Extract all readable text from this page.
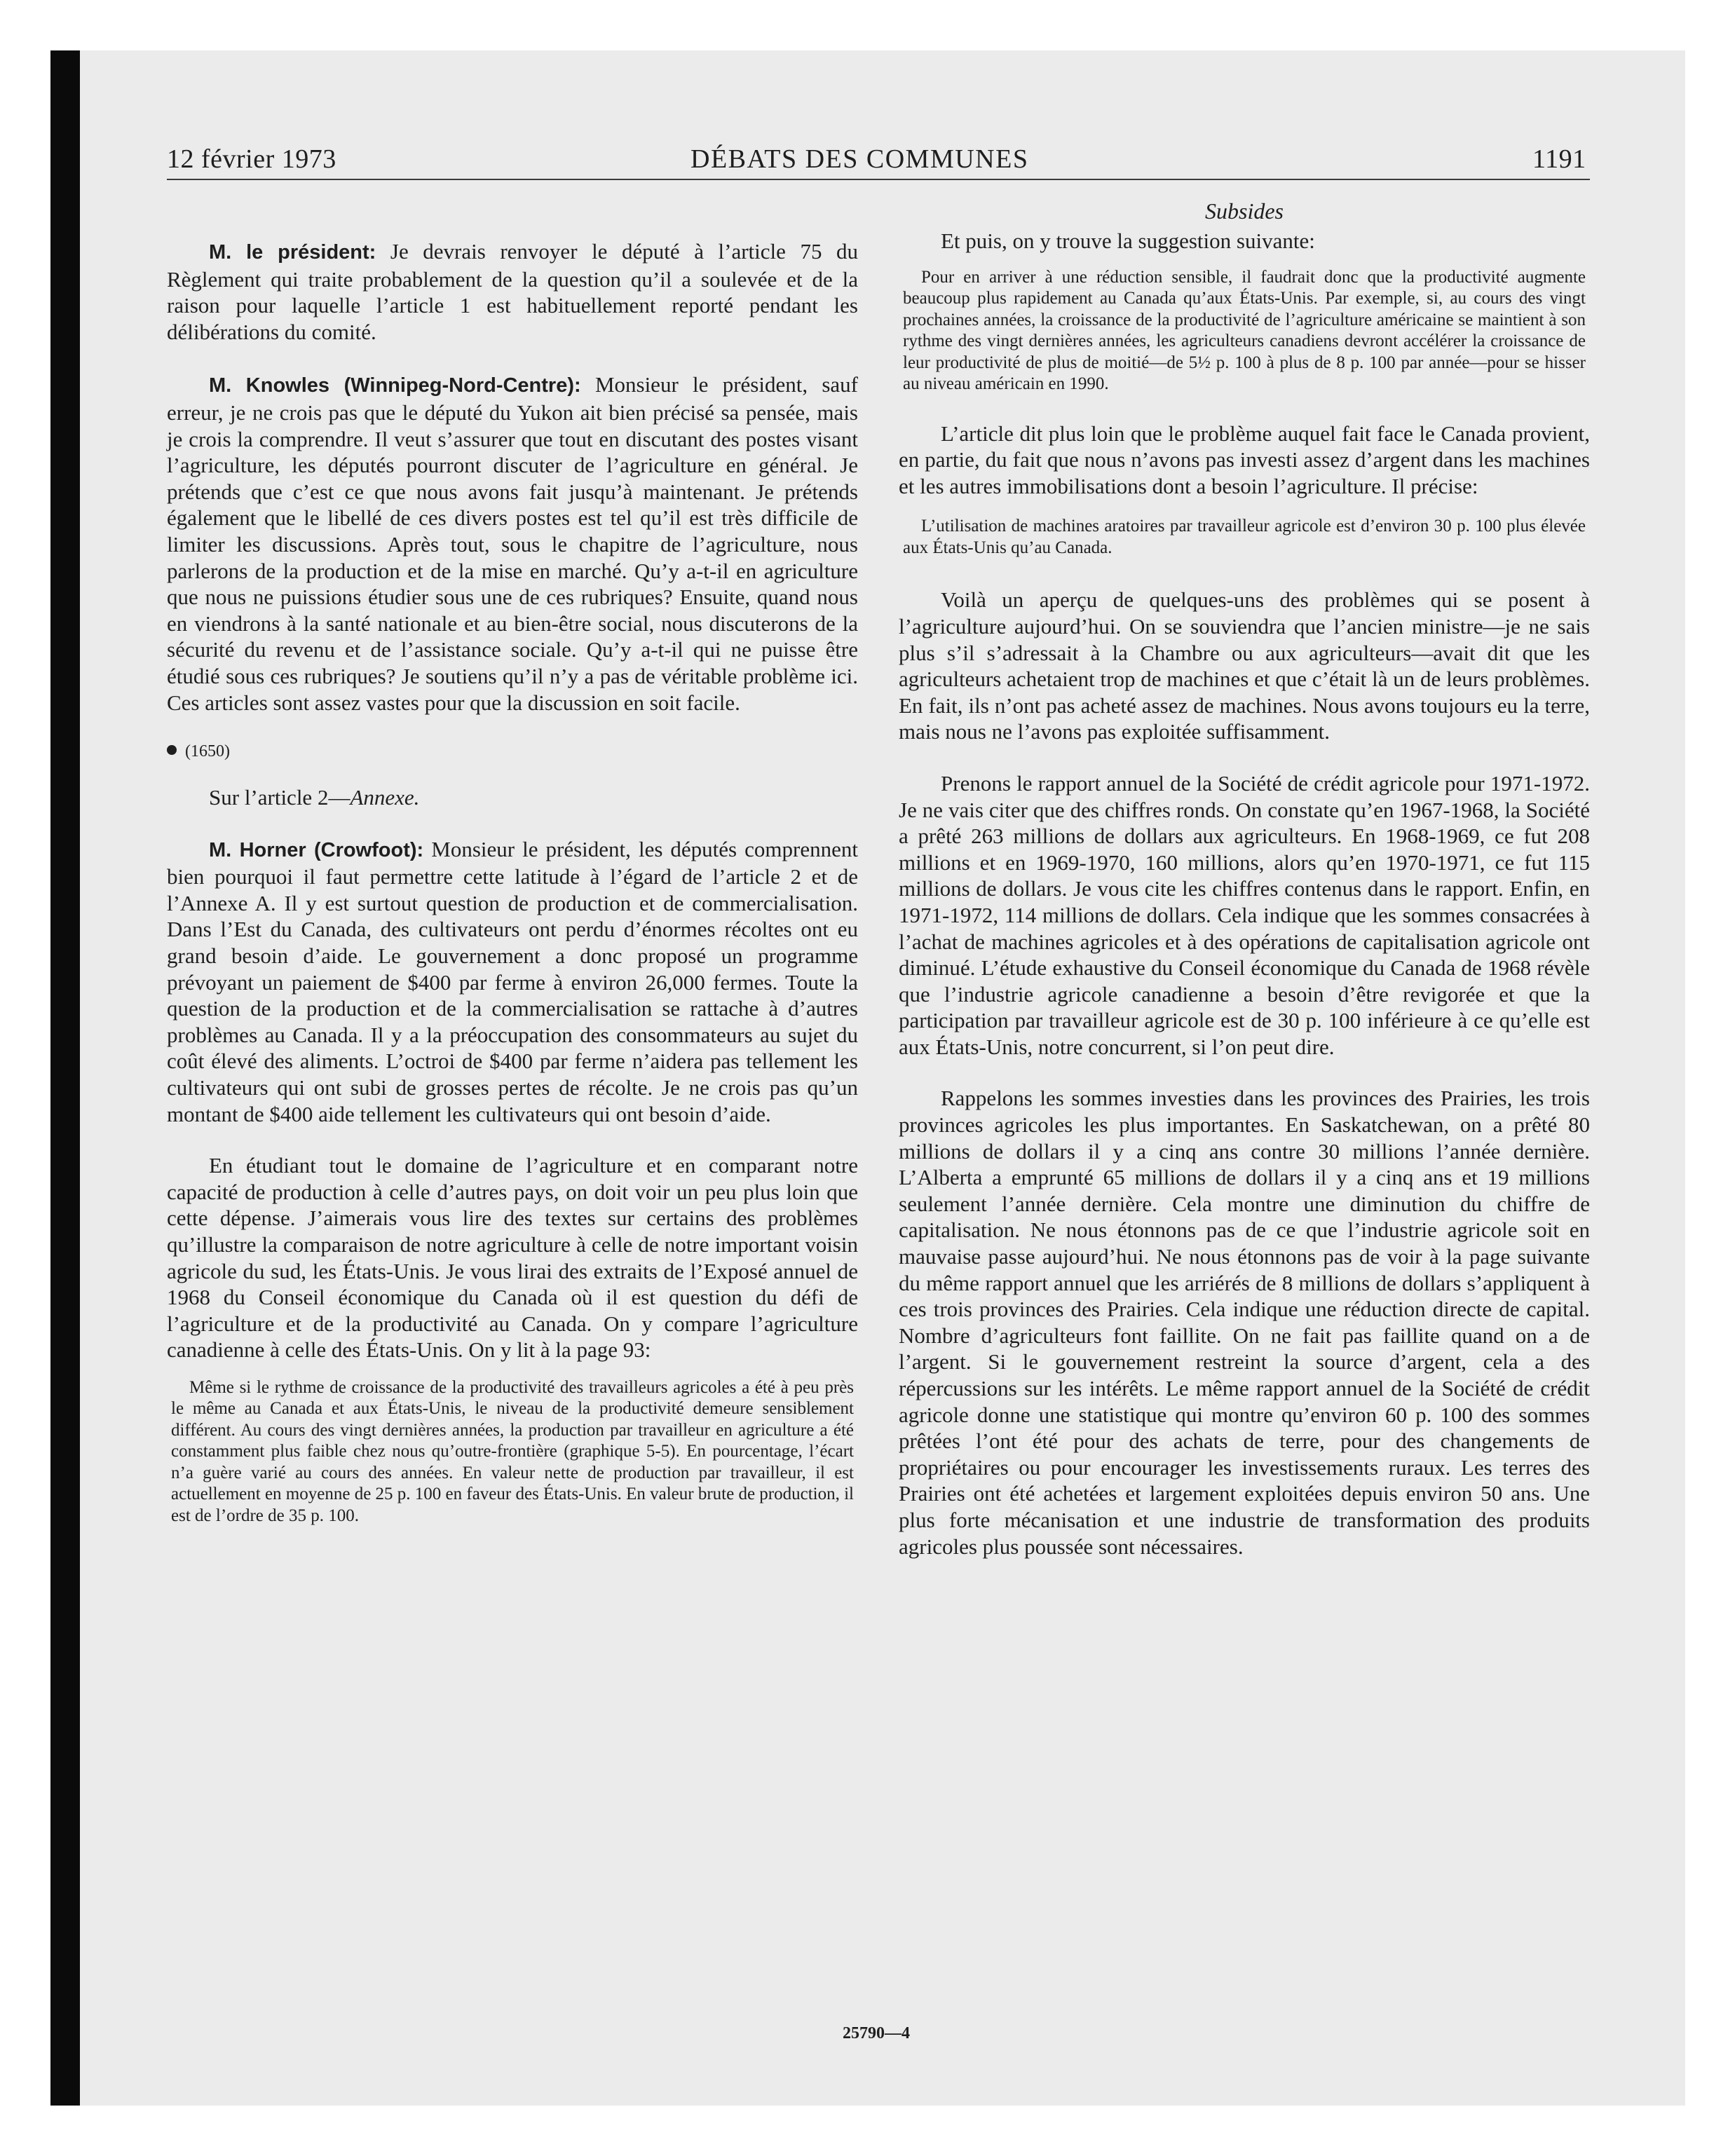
12 février 1973	DÉBATS DES COMMUNES	1191

M. le président: Je devrais renvoyer le député à l’article 75 du Règlement qui traite probablement de la question qu’il a soulevée et de la raison pour laquelle l’article 1 est habituellement reporté pendant les délibérations du comité.

M. Knowles (Winnipeg-Nord-Centre): Monsieur le président, sauf erreur, je ne crois pas que le député du Yukon ait bien précisé sa pensée, mais je crois la comprendre. Il veut s’assurer que tout en discutant des postes visant l’agriculture, les députés pourront discuter de l’agriculture en général. Je prétends que c’est ce que nous avons fait jusqu’à maintenant. Je prétends également que le libellé de ces divers postes est tel qu’il est très difficile de limiter les discussions. Après tout, sous le chapitre de l’agriculture, nous parlerons de la production et de la mise en marché. Qu’y a-t-il en agriculture que nous ne puissions étudier sous une de ces rubriques? Ensuite, quand nous en viendrons à la santé nationale et au bien-être social, nous discuterons de la sécurité du revenu et de l’assistance sociale. Qu’y a-t-il qui ne puisse être étudié sous ces rubriques? Je soutiens qu’il n’y a pas de véritable problème ici. Ces articles sont assez vastes pour que la discussion en soit facile.

(1650)

Sur l’article 2—Annexe.

M. Horner (Crowfoot): Monsieur le président, les députés comprennent bien pourquoi il faut permettre cette latitude à l’égard de l’article 2 et de l’Annexe A. Il y est surtout question de production et de commercialisation. Dans l’Est du Canada, des cultivateurs ont perdu d’énormes récoltes ont eu grand besoin d’aide. Le gouvernement a donc proposé un programme prévoyant un paiement de $400 par ferme à environ 26,000 fermes. Toute la question de la production et de la commercialisation se rattache à d’autres problèmes au Canada. Il y a la préoccupation des consommateurs au sujet du coût élevé des aliments. L’octroi de $400 par ferme n’aidera pas tellement les cultivateurs qui ont subi de grosses pertes de récolte. Je ne crois pas qu’un montant de $400 aide tellement les cultivateurs qui ont besoin d’aide.

En étudiant tout le domaine de l’agriculture et en comparant notre capacité de production à celle d’autres pays, on doit voir un peu plus loin que cette dépense. J’aimerais vous lire des textes sur certains des problèmes qu’illustre la comparaison de notre agriculture à celle de notre important voisin agricole du sud, les États-Unis. Je vous lirai des extraits de l’Exposé annuel de 1968 du Conseil économique du Canada où il est question du défi de l’agriculture et de la productivité au Canada. On y compare l’agriculture canadienne à celle des États-Unis. On y lit à la page 93:

Même si le rythme de croissance de la productivité des travailleurs agricoles a été à peu près le même au Canada et aux États-Unis, le niveau de la productivité demeure sensiblement différent. Au cours des vingt dernières années, la production par travailleur en agriculture a été constamment plus faible chez nous qu’outre-frontière (graphique 5-5). En pourcentage, l’écart n’a guère varié au cours des années. En valeur nette de production par travailleur, il est actuellement en moyenne de 25 p. 100 en faveur des États-Unis. En valeur brute de production, il est de l’ordre de 35 p. 100.

Subsides

Et puis, on y trouve la suggestion suivante:

Pour en arriver à une réduction sensible, il faudrait donc que la productivité augmente beaucoup plus rapidement au Canada qu’aux États-Unis. Par exemple, si, au cours des vingt prochaines années, la croissance de la productivité de l’agriculture américaine se maintient à son rythme des vingt dernières années, les agriculteurs canadiens devront accélérer la croissance de leur productivité de plus de moitié—de 5½ p. 100 à plus de 8 p. 100 par année—pour se hisser au niveau américain en 1990.

L’article dit plus loin que le problème auquel fait face le Canada provient, en partie, du fait que nous n’avons pas investi assez d’argent dans les machines et les autres immobilisations dont a besoin l’agriculture. Il précise:

L’utilisation de machines aratoires par travailleur agricole est d’environ 30 p. 100 plus élevée aux États-Unis qu’au Canada.

Voilà un aperçu de quelques-uns des problèmes qui se posent à l’agriculture aujourd’hui. On se souviendra que l’ancien ministre—je ne sais plus s’il s’adressait à la Chambre ou aux agriculteurs—avait dit que les agriculteurs achetaient trop de machines et que c’était là un de leurs problèmes. En fait, ils n’ont pas acheté assez de machines. Nous avons toujours eu la terre, mais nous ne l’avons pas exploitée suffisamment.

Prenons le rapport annuel de la Société de crédit agricole pour 1971-1972. Je ne vais citer que des chiffres ronds. On constate qu’en 1967-1968, la Société a prêté 263 millions de dollars aux agriculteurs. En 1968-1969, ce fut 208 millions et en 1969-1970, 160 millions, alors qu’en 1970-1971, ce fut 115 millions de dollars. Je vous cite les chiffres contenus dans le rapport. Enfin, en 1971-1972, 114 millions de dollars. Cela indique que les sommes consacrées à l’achat de machines agricoles et à des opérations de capitalisation agricole ont diminué. L’étude exhaustive du Conseil économique du Canada de 1968 révèle que l’industrie agricole canadienne a besoin d’être revigorée et que la participation par travailleur agricole est de 30 p. 100 inférieure à ce qu’elle est aux États-Unis, notre concurrent, si l’on peut dire.

Rappelons les sommes investies dans les provinces des Prairies, les trois provinces agricoles les plus importantes. En Saskatchewan, on a prêté 80 millions de dollars il y a cinq ans contre 30 millions l’année dernière. L’Alberta a emprunté 65 millions de dollars il y a cinq ans et 19 millions seulement l’année dernière. Cela montre une diminution du chiffre de capitalisation. Ne nous étonnons pas de ce que l’industrie agricole soit en mauvaise passe aujourd’hui. Ne nous étonnons pas de voir à la page suivante du même rapport annuel que les arriérés de 8 millions de dollars s’appliquent à ces trois provinces des Prairies. Cela indique une réduction directe de capital. Nombre d’agriculteurs font faillite. On ne fait pas faillite quand on a de l’argent. Si le gouvernement restreint la source d’argent, cela a des répercussions sur les intérêts. Le même rapport annuel de la Société de crédit agricole donne une statistique qui montre qu’environ 60 p. 100 des sommes prêtées l’ont été pour des achats de terre, pour des changements de propriétaires ou pour encourager les investissements ruraux. Les terres des Prairies ont été achetées et largement exploitées depuis environ 50 ans. Une plus forte mécanisation et une industrie de transformation des produits agricoles plus poussée sont nécessaires.

25790—4
